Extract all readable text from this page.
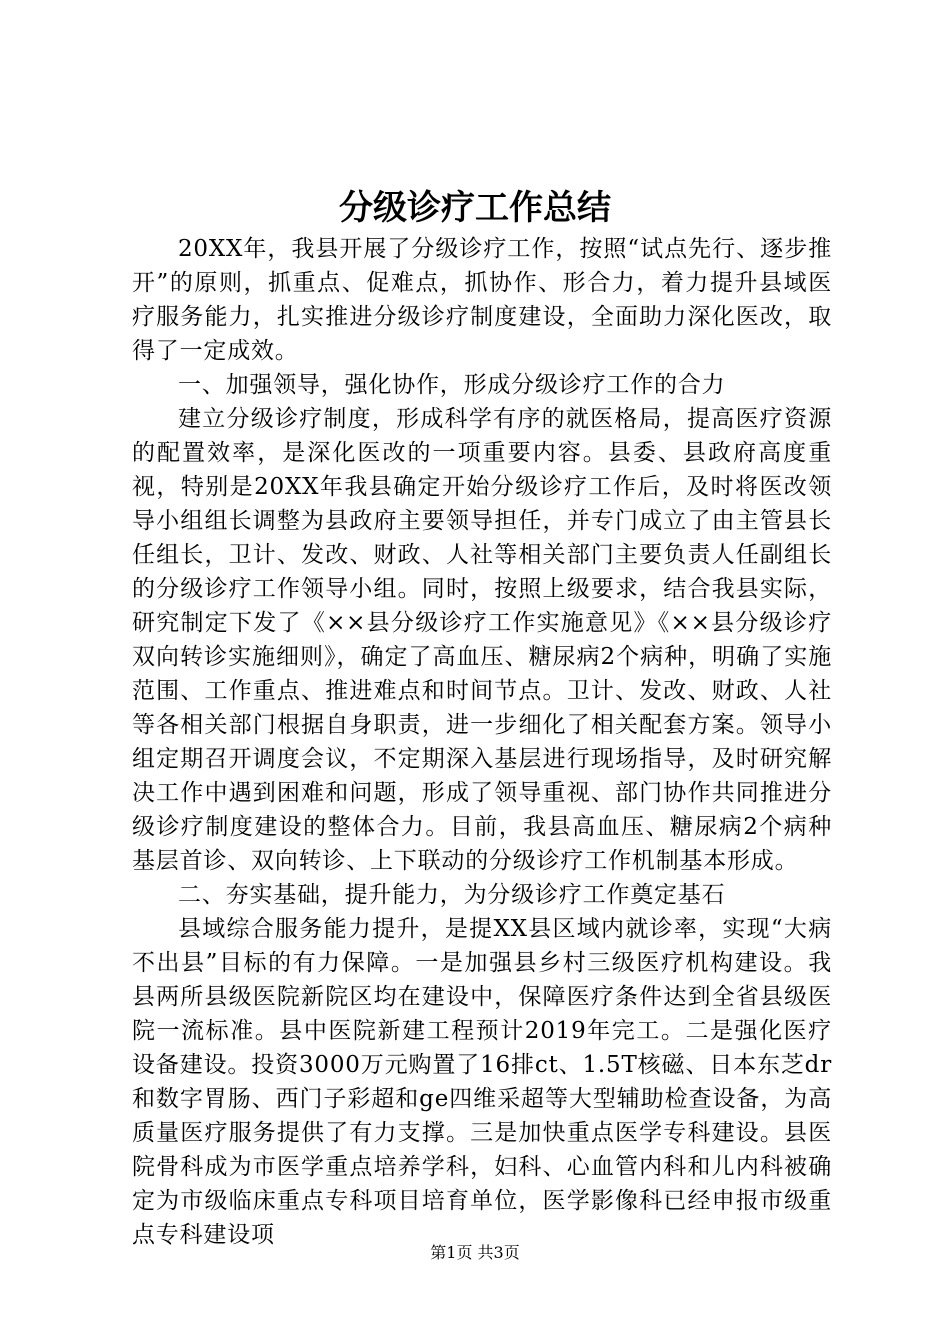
分级诊疗工作总结

20XX年，我县开展了分级诊疗工作，按照“试点先行、逐步推开”的原则，抓重点、促难点，抓协作、形合力，着力提升县域医疗服务能力，扎实推进分级诊疗制度建设，全面助力深化医改，取得了一定成效。

一、加强领导，强化协作，形成分级诊疗工作的合力

建立分级诊疗制度，形成科学有序的就医格局，提高医疗资源的配置效率，是深化医改的一项重要内容。县委、县政府高度重视，特别是20XX年我县确定开始分级诊疗工作后，及时将医改领导小组组长调整为县政府主要领导担任，并专门成立了由主管县长任组长，卫计、发改、财政、人社等相关部门主要负责人任副组长的分级诊疗工作领导小组。同时，按照上级要求，结合我县实际，研究制定下发了《××县分级诊疗工作实施意见》《××县分级诊疗双向转诊实施细则》，确定了高血压、糖尿病2个病种，明确了实施范围、工作重点、推进难点和时间节点。卫计、发改、财政、人社等各相关部门根据自身职责，进一步细化了相关配套方案。领导小组定期召开调度会议，不定期深入基层进行现场指导，及时研究解决工作中遇到困难和问题，形成了领导重视、部门协作共同推进分级诊疗制度建设的整体合力。目前，我县高血压、糖尿病2个病种基层首诊、双向转诊、上下联动的分级诊疗工作机制基本形成。

二、夯实基础，提升能力，为分级诊疗工作奠定基石

县域综合服务能力提升，是提XX县区域内就诊率，实现“大病不出县”目标的有力保障。一是加强县乡村三级医疗机构建设。我县两所县级医院新院区均在建设中，保障医疗条件达到全省县级医院一流标准。县中医院新建工程预计2019年完工。二是强化医疗设备建设。投资3000万元购置了16排ct、1.5T核磁、日本东芝dr和数字胃肠、西门子彩超和ge四维采超等大型辅助检查设备，为高质量医疗服务提供了有力支撑。三是加快重点医学专科建设。县医院骨科成为市医学重点培养学科，妇科、心血管内科和儿内科被确定为市级临床重点专科项目培育单位，医学影像科已经申报市级重点专科建设项

第1页 共3页
